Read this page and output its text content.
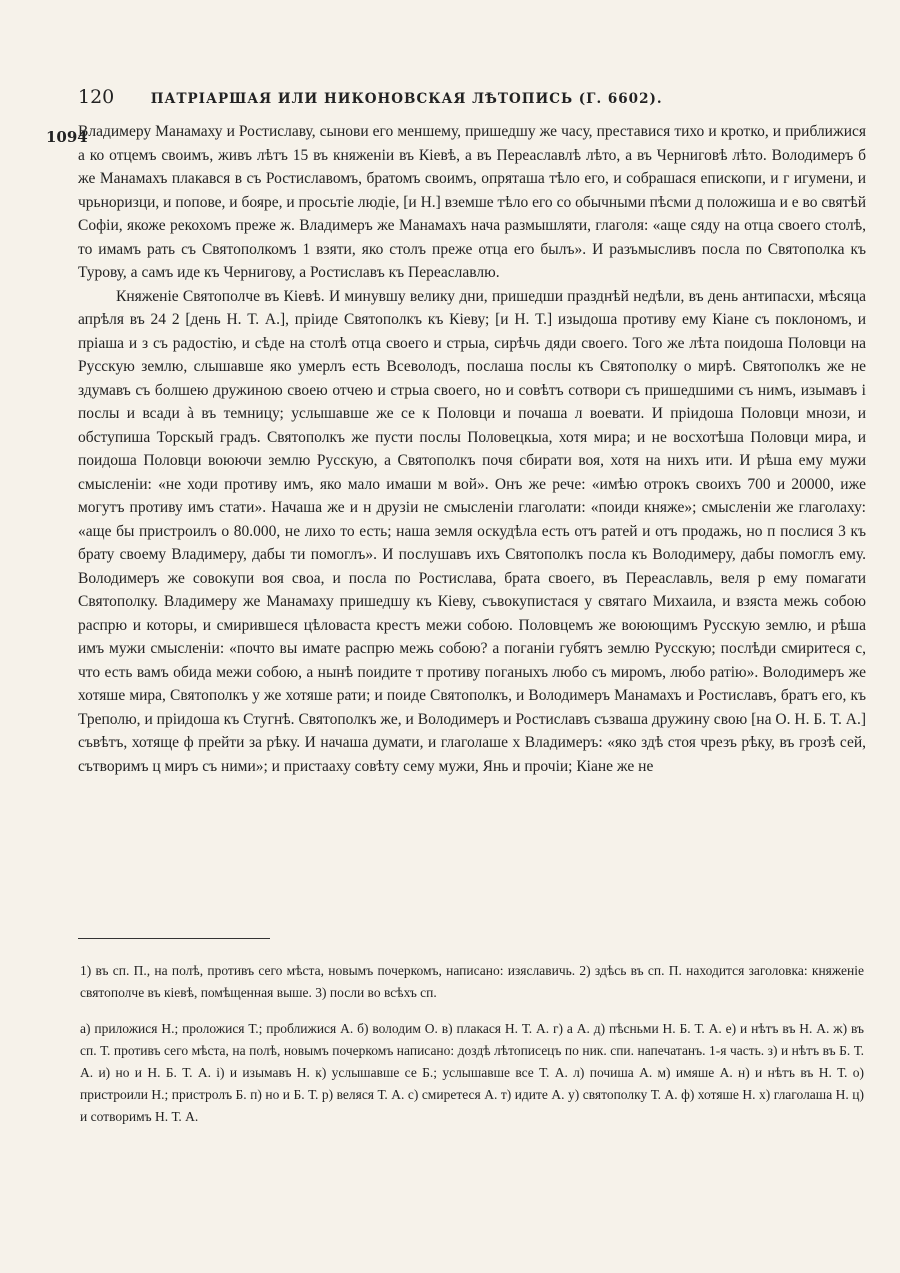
120	ПАТРІАРШАЯ ИЛИ НИКОНОВСКАЯ ЛѢТОПИСЬ (Г. 6602).
1094

Владимеру Манамаху и Ростиславу, сынови его меншему, пришедшу же часу, преставися тихо и кротко, и приближися а ко отцемъ своимъ, живъ лѣтъ 15 въ княженіи въ Кіевѣ, а въ Переаславлѣ лѣто, а въ Черниговѣ лѣто. Володимеръ б же Манамахъ плакався в съ Ростиславомъ, братомъ своимъ, опряташа тѣло его, и собрашася епископи, и г игумени, и чрьноризци, и попове, и бояре, и просьтіе людіе, [и Н.] вземше тѣло его со обычными пѣсми д положиша и е во святѣй Софіи, якоже рекохомъ преже ж. Владимеръ же Манамахъ нача размышляти, глаголя: «аще сяду на отца своего столѣ, то имамъ рать съ Святополкомъ 1 взяти, яко столъ преже отца его былъ». И разъмысливъ посла по Святополка къ Турову, а самъ иде къ Чернигову, а Ростиславъ къ Переаславлю.

Княженіе Святополче въ Кіевѣ. И минувшу велику дни, пришедши празднѣй недѣли, въ день антипасхи, мѣсяца апрѣля въ 24 2 [день Н. Т. А.], пріиде Святополкъ къ Кіеву; [и Н. Т.] изыдоша противу ему Кіане съ поклономъ, и пріаша и з съ радостію, и сѣде на столѣ отца своего и стрыа, сирѣчь дяди своего. Того же лѣта поидоша Половци на Русскую землю, слышавше яко умерлъ есть Всеволодъ, послаша послы къ Святополку о мирѣ. Святополкъ же не здумавъ съ болшею дружиною своею отчею и стрыа своего, но и совѣтъ сотвори съ пришедшими съ нимъ, изымавъ і послы и всади à въ темницу; услышавше же се к Половци и почаша л воевати. И пріидоша Половци мнози, и обступиша Торскый градъ. Святополкъ же пусти послы Половецкыа, хотя мира; и не восхотѣша Половци мира, и поидоша Половци воюючи землю Русскую, а Святополкъ почя сбирати воя, хотя на нихъ ити. И рѣша ему мужи смысленіи: «не ходи противу имъ, яко мало имаши м вой». Онъ же рече: «имѣю отрокъ своихъ 700 и 20000, иже могутъ противу имъ стати». Начаша же и н друзіи не смысленіи глаголати: «поиди княже»; смысленіи же глаголаху: «аще бы пристроилъ о 80.000, не лихо то есть; наша земля оскудѣла есть отъ ратей и отъ продажь, но п послися 3 къ брату своему Владимеру, дабы ти помоглъ». И послушавъ ихъ Святополкъ посла къ Володимеру, дабы помоглъ ему. Володимеръ же совокупи воя своа, и посла по Ростислава, брата своего, въ Переаславль, веля р ему помагати Святополку. Владимеру же Манамаху пришедшу къ Кіеву, съвокупистася у святаго Михаила, и взяста межь собою распрю и которы, и смирившеся цѣловаста крестъ межи собою. Половцемъ же воюющимъ Русскую землю, и рѣша имъ мужи смысленіи: «почто вы имате распрю межь собою? а поганіи губятъ землю Русскую; послѣди смиритеся с, что есть вамъ обида межи собою, а нынѣ поидите т противу поганыхъ любо съ миромъ, любо ратію». Володимеръ же хотяше мира, Святополкъ у же хотяше рати; и поиде Святополкъ, и Володимеръ Манамахъ и Ростиславъ, братъ его, къ Треполю, и пріидоша къ Стугнѣ. Святополкъ же, и Володимеръ и Ростиславъ съзваша дружину свою [на О. Н. Б. Т. А.] съвѣтъ, хотяще ф прейти за рѣку. И начаша думати, и глаголаше х Владимеръ: «яко здѣ стоя чрезъ рѣку, въ грозѣ сей, сътворимъ ц миръ съ ними»; и пристааху совѣту сему мужи, Янь и прочіи; Кіане же не

1) въ сп. П., на полѣ, противъ сего мѣста, новымъ почеркомъ, написано: изяславичь. 2) здѣсь въ сп. П. находится заголовка: княженіе святополче въ кіевѣ, помѣщенная выше. 3) посли во всѣхъ сп.

а) приложися Н.; проложися Т.; проближися А. б) володим О. в) плакася Н. Т. А. г) а А. д) пѣсньми Н. Б. Т. А. е) и нѣтъ въ Н. А. ж) въ сп. Т. противъ сего мѣста, на полѣ, новымъ почеркомъ написано: доздѣ лѣтописецъ по ник. спи. напечатанъ. 1-я часть. з) и нѣтъ въ Б. Т. А. и) но и Н. Б. Т. А. і) и изымавъ Н. к) услышавше се Б.; услышавше все Т. А. л) почиша А. м) имяше А. н) и нѣтъ въ Н. Т. о) пристроили Н.; пристролъ Б. п) но и Б. Т. р) веляся Т. А. с) смиретеся А. т) идите А. у) святополку Т. А. ф) хотяше Н. х) глаголаша Н. ц) и сотворимъ Н. Т. А.
